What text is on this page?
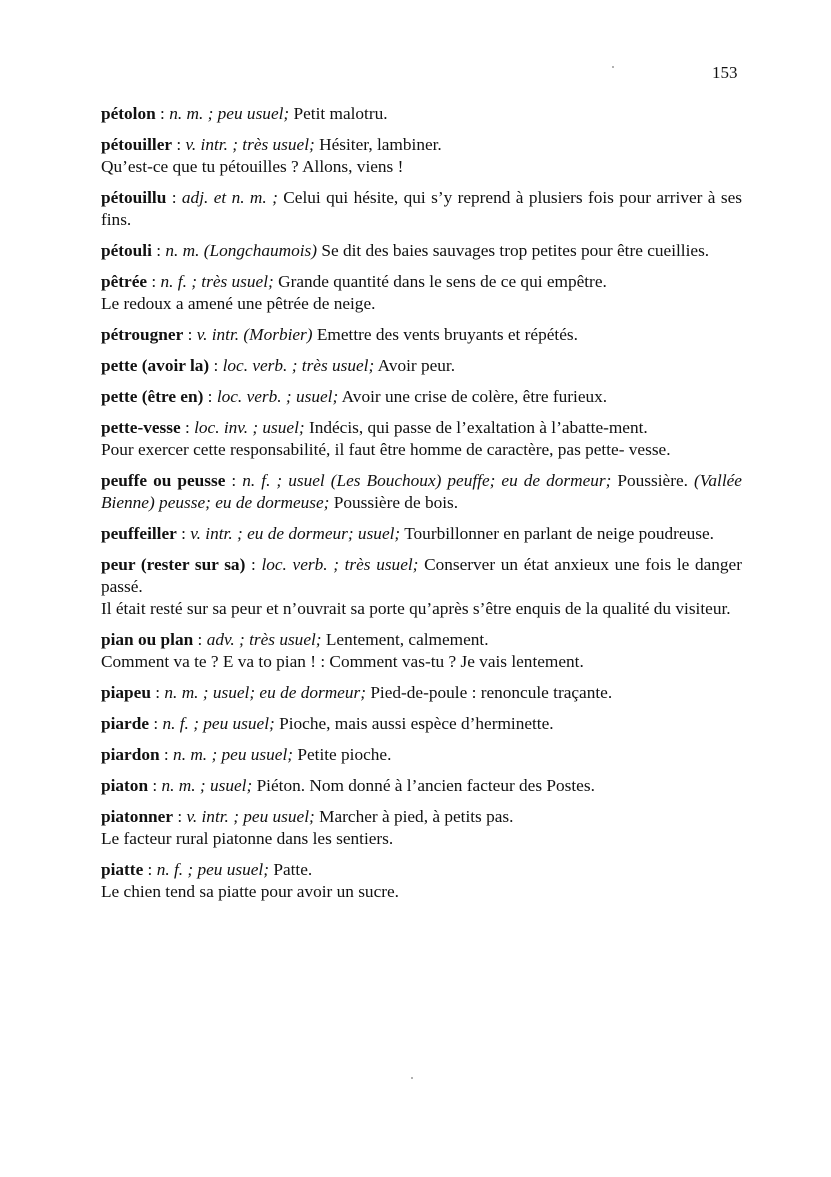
153
pétolon : n. m. ; peu usuel; Petit malotru.
pétouiller : v. intr. ; très usuel; Hésiter, lambiner.
Qu’est-ce que tu pétouilles ? Allons, viens !
pétouillu : adj. et n. m. ; Celui qui hésite, qui s’y reprend à plusiers fois pour arriver à ses fins.
pétouli : n. m. (Longchaumois) Se dit des baies sauvages trop petites pour être cueillies.
pêtrée : n. f. ; très usuel; Grande quantité dans le sens de ce qui empêtre.
Le redoux a amené une pêtrée de neige.
pétrougner : v. intr. (Morbier) Emettre des vents bruyants et répétés.
pette (avoir la) : loc. verb. ; très usuel; Avoir peur.
pette (être en) : loc. verb. ; usuel; Avoir une crise de colère, être furieux.
pette-vesse : loc. inv. ; usuel; Indécis, qui passe de l’exaltation à l’abatte-ment.
Pour exercer cette responsabilité, il faut être homme de caractère, pas pette- vesse.
peuffe ou peusse : n. f. ; usuel (Les Bouchoux) peuffe; eu de dormeur; Poussière. (Vallée Bienne) peusse; eu de dormeuse; Poussière de bois.
peuffeiller : v. intr. ; eu de dormeur; usuel; Tourbillonner en parlant de neige poudreuse.
peur (rester sur sa) : loc. verb. ; très usuel; Conserver un état anxieux une fois le danger passé.
Il était resté sur sa peur et n’ouvrait sa porte qu’après s’être enquis de la qualité du visiteur.
pian ou plan : adv. ; très usuel; Lentement, calmement.
Comment va te ? E va to pian ! : Comment vas-tu ? Je vais lentement.
piapeu : n. m. ; usuel; eu de dormeur; Pied-de-poule : renoncule traçante.
piarde : n. f. ; peu usuel; Pioche, mais aussi espèce d’herminette.
piardon : n. m. ; peu usuel; Petite pioche.
piaton : n. m. ; usuel; Piéton. Nom donné à l’ancien facteur des Postes.
piatonner : v. intr. ; peu usuel; Marcher à pied, à petits pas.
Le facteur rural piatonne dans les sentiers.
piatte : n. f. ; peu usuel; Patte.
Le chien tend sa piatte pour avoir un sucre.
